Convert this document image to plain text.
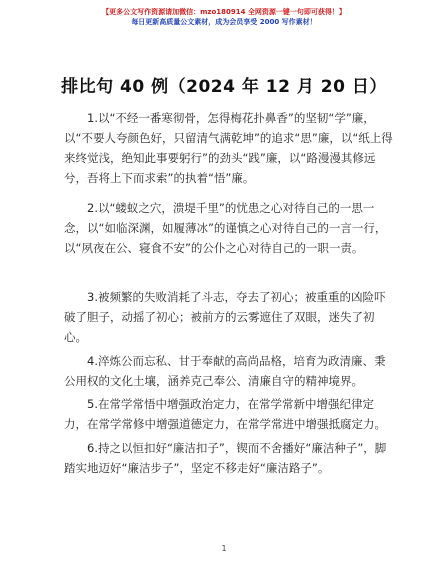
【更多公文写作资源请加微信：mzo180914 全网资源一键一句即可获得！】
每日更新高质量公文素材，成为会员享受 2000 写作素材！
排比句 40 例（2024 年 12 月 20 日）

1.以“不经一番寒彻骨，怎得梅花扑鼻香”的坚韧“学”廉，以“不要人夸颜色好，只留清气满乾坤”的追求“思”廉，以“纸上得来终觉浅，绝知此事要躬行”的劲头“践”廉，以“路漫漫其修远兮，吾将上下而求索”的执着“悟”廉。

2.以“蝼蚁之穴，溃堤千里”的忧患之心对待自己的一思一念，以“如临深渊，如履薄冰”的谨慎之心对待自己的一言一行，以“夙夜在公、寝食不安”的公仆之心对待自己的一职一责。

3.被频繁的失败消耗了斗志，夺去了初心；被重重的凶险吓破了胆子，动摇了初心；被前方的云雾遮住了双眼，迷失了初心。

4.淬炼公而忘私、甘于奉献的高尚品格，培育为政清廉、秉公用权的文化土壤，涵养克己奉公、清廉自守的精神境界。

5.在常学常悟中增强政治定力，在常学常新中增强纪律定力，在常学常修中增强道德定力，在常学常进中增强抵腐定力。

6.持之以恒扣好“廉洁扣子”，锲而不舍播好“廉洁种子”，脚踏实地迈好“廉洁步子”，坚定不移走好“廉洁路子”。

1
